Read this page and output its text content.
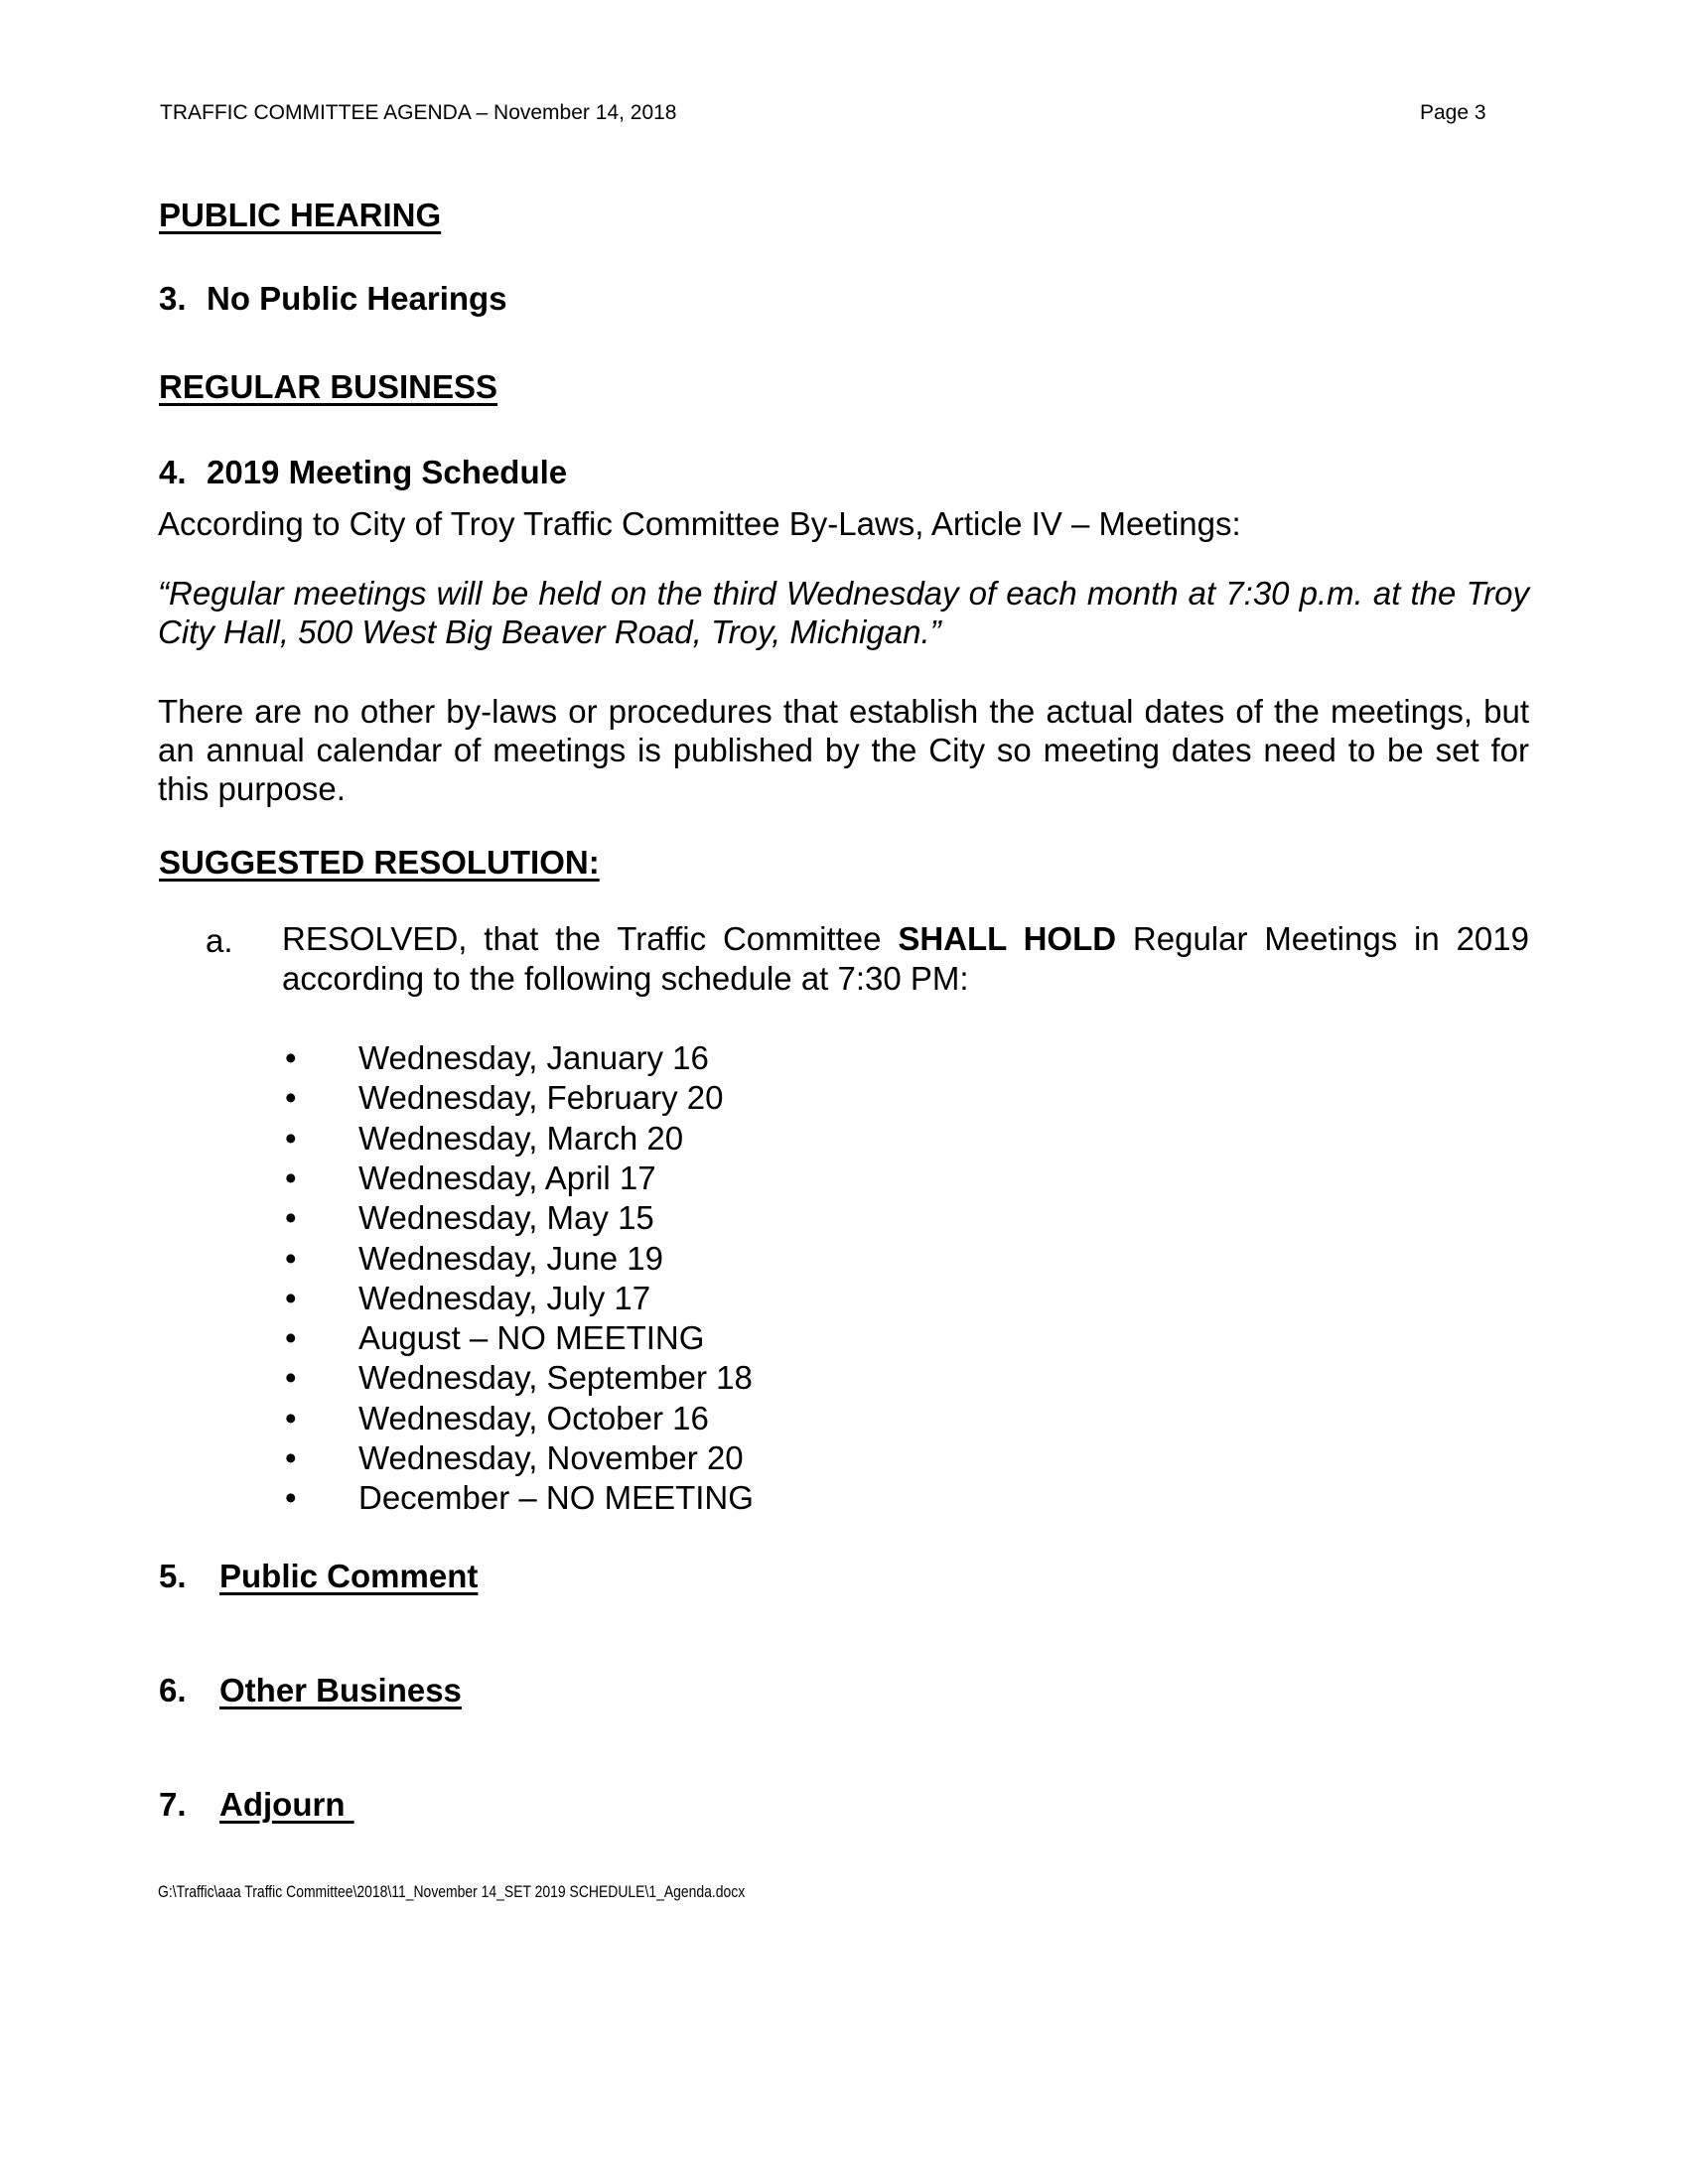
TRAFFIC COMMITTEE AGENDA – November 14, 2018	Page 3
PUBLIC HEARING
3. No Public Hearings
REGULAR BUSINESS
4. 2019 Meeting Schedule
According to City of Troy Traffic Committee By-Laws, Article IV – Meetings:
“Regular meetings will be held on the third Wednesday of each month at 7:30 p.m. at the Troy City Hall, 500 West Big Beaver Road, Troy, Michigan.”
There are no other by-laws or procedures that establish the actual dates of the meetings, but an annual calendar of meetings is published by the City so meeting dates need to be set for this purpose.
SUGGESTED RESOLUTION:
a. RESOLVED, that the Traffic Committee SHALL HOLD Regular Meetings in 2019 according to the following schedule at 7:30 PM:
• Wednesday, January 16
• Wednesday, February 20
• Wednesday, March 20
• Wednesday, April 17
• Wednesday, May 15
• Wednesday, June 19
• Wednesday, July 17
• August – NO MEETING
• Wednesday, September 18
• Wednesday, October 16
• Wednesday, November 20
• December – NO MEETING
5. Public Comment
6. Other Business
7. Adjourn
G:\Traffic\aaa Traffic Committee\2018\11_November 14_SET 2019 SCHEDULE\1_Agenda.docx
